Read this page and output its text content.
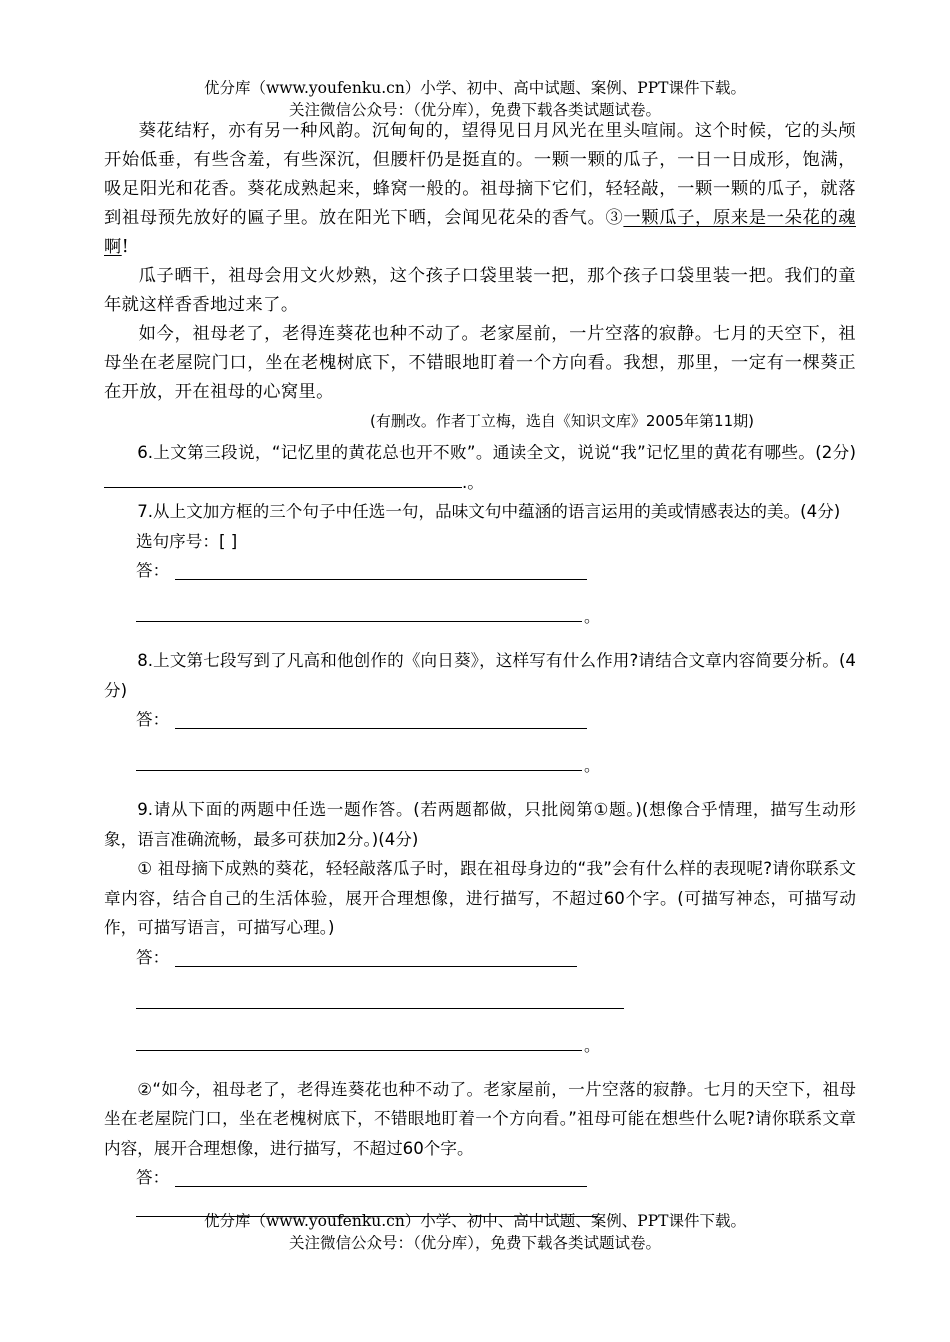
优分库（www.youfenku.cn）小学、初中、高中试题、案例、PPT课件下载。
关注微信公众号：（优分库），免费下载各类试题试卷。

葵花结籽，亦有另一种风韵。沉甸甸的，望得见日月风光在里头喧闹。这个时候，它的头颅开始低垂，有些含羞，有些深沉，但腰杆仍是挺直的。一颗一颗的瓜子，一日一日成形，饱满，吸足阳光和花香。葵花成熟起来，蜂窝一般的。祖母摘下它们，轻轻敲，一颗一颗的瓜子，就落到祖母预先放好的匾子里。放在阳光下晒，会闻见花朵的香气。③一颗瓜子，原来是一朵花的魂啊!

瓜子晒干，祖母会用文火炒熟，这个孩子口袋里装一把，那个孩子口袋里装一把。我们的童年就这样香香地过来了。

如今，祖母老了，老得连葵花也种不动了。老家屋前，一片空落的寂静。七月的天空下，祖母坐在老屋院门口，坐在老槐树底下，不错眼地盯着一个方向看。我想，那里，一定有一棵葵正在开放，开在祖母的心窝里。

(有删改。作者丁立梅，选自《知识文库》2005年第11期)

6.上文第三段说，“记忆里的黄花总也开不败”。通读全文，说说“我”记忆里的黄花有哪些。(2分).。

7.从上文加方框的三个句子中任选一句，品味文句中蕴涵的语言运用的美或情感表达的美。(4分)

选句序号：[ ]

答：
。

8.上文第七段写到了凡高和他创作的《向日葵》，这样写有什么作用?请结合文章内容简要分析。(4分)

答：
。

9.请从下面的两题中任选一题作答。(若两题都做，只批阅第①题。)(想像合乎情理，描写生动形象，语言准确流畅，最多可获加2分。)(4分)

① 祖母摘下成熟的葵花，轻轻敲落瓜子时，跟在祖母身边的“我”会有什么样的表现呢?请你联系文章内容，结合自己的生活体验，展开合理想像，进行描写，不超过60个字。(可描写神态，可描写动作，可描写语言，可描写心理。)

答：
。

②“如今，祖母老了，老得连葵花也种不动了。老家屋前，一片空落的寂静。七月的天空下，祖母坐在老屋院门口，坐在老槐树底下，不错眼地盯着一个方向看。”祖母可能在想些什么呢?请你联系文章内容，展开合理想像，进行描写，不超过60个字。

答：
优分库（www.youfenku.cn）小学、初中、高中试题、案例、PPT课件下载。
关注微信公众号：（优分库），免费下载各类试题试卷。
